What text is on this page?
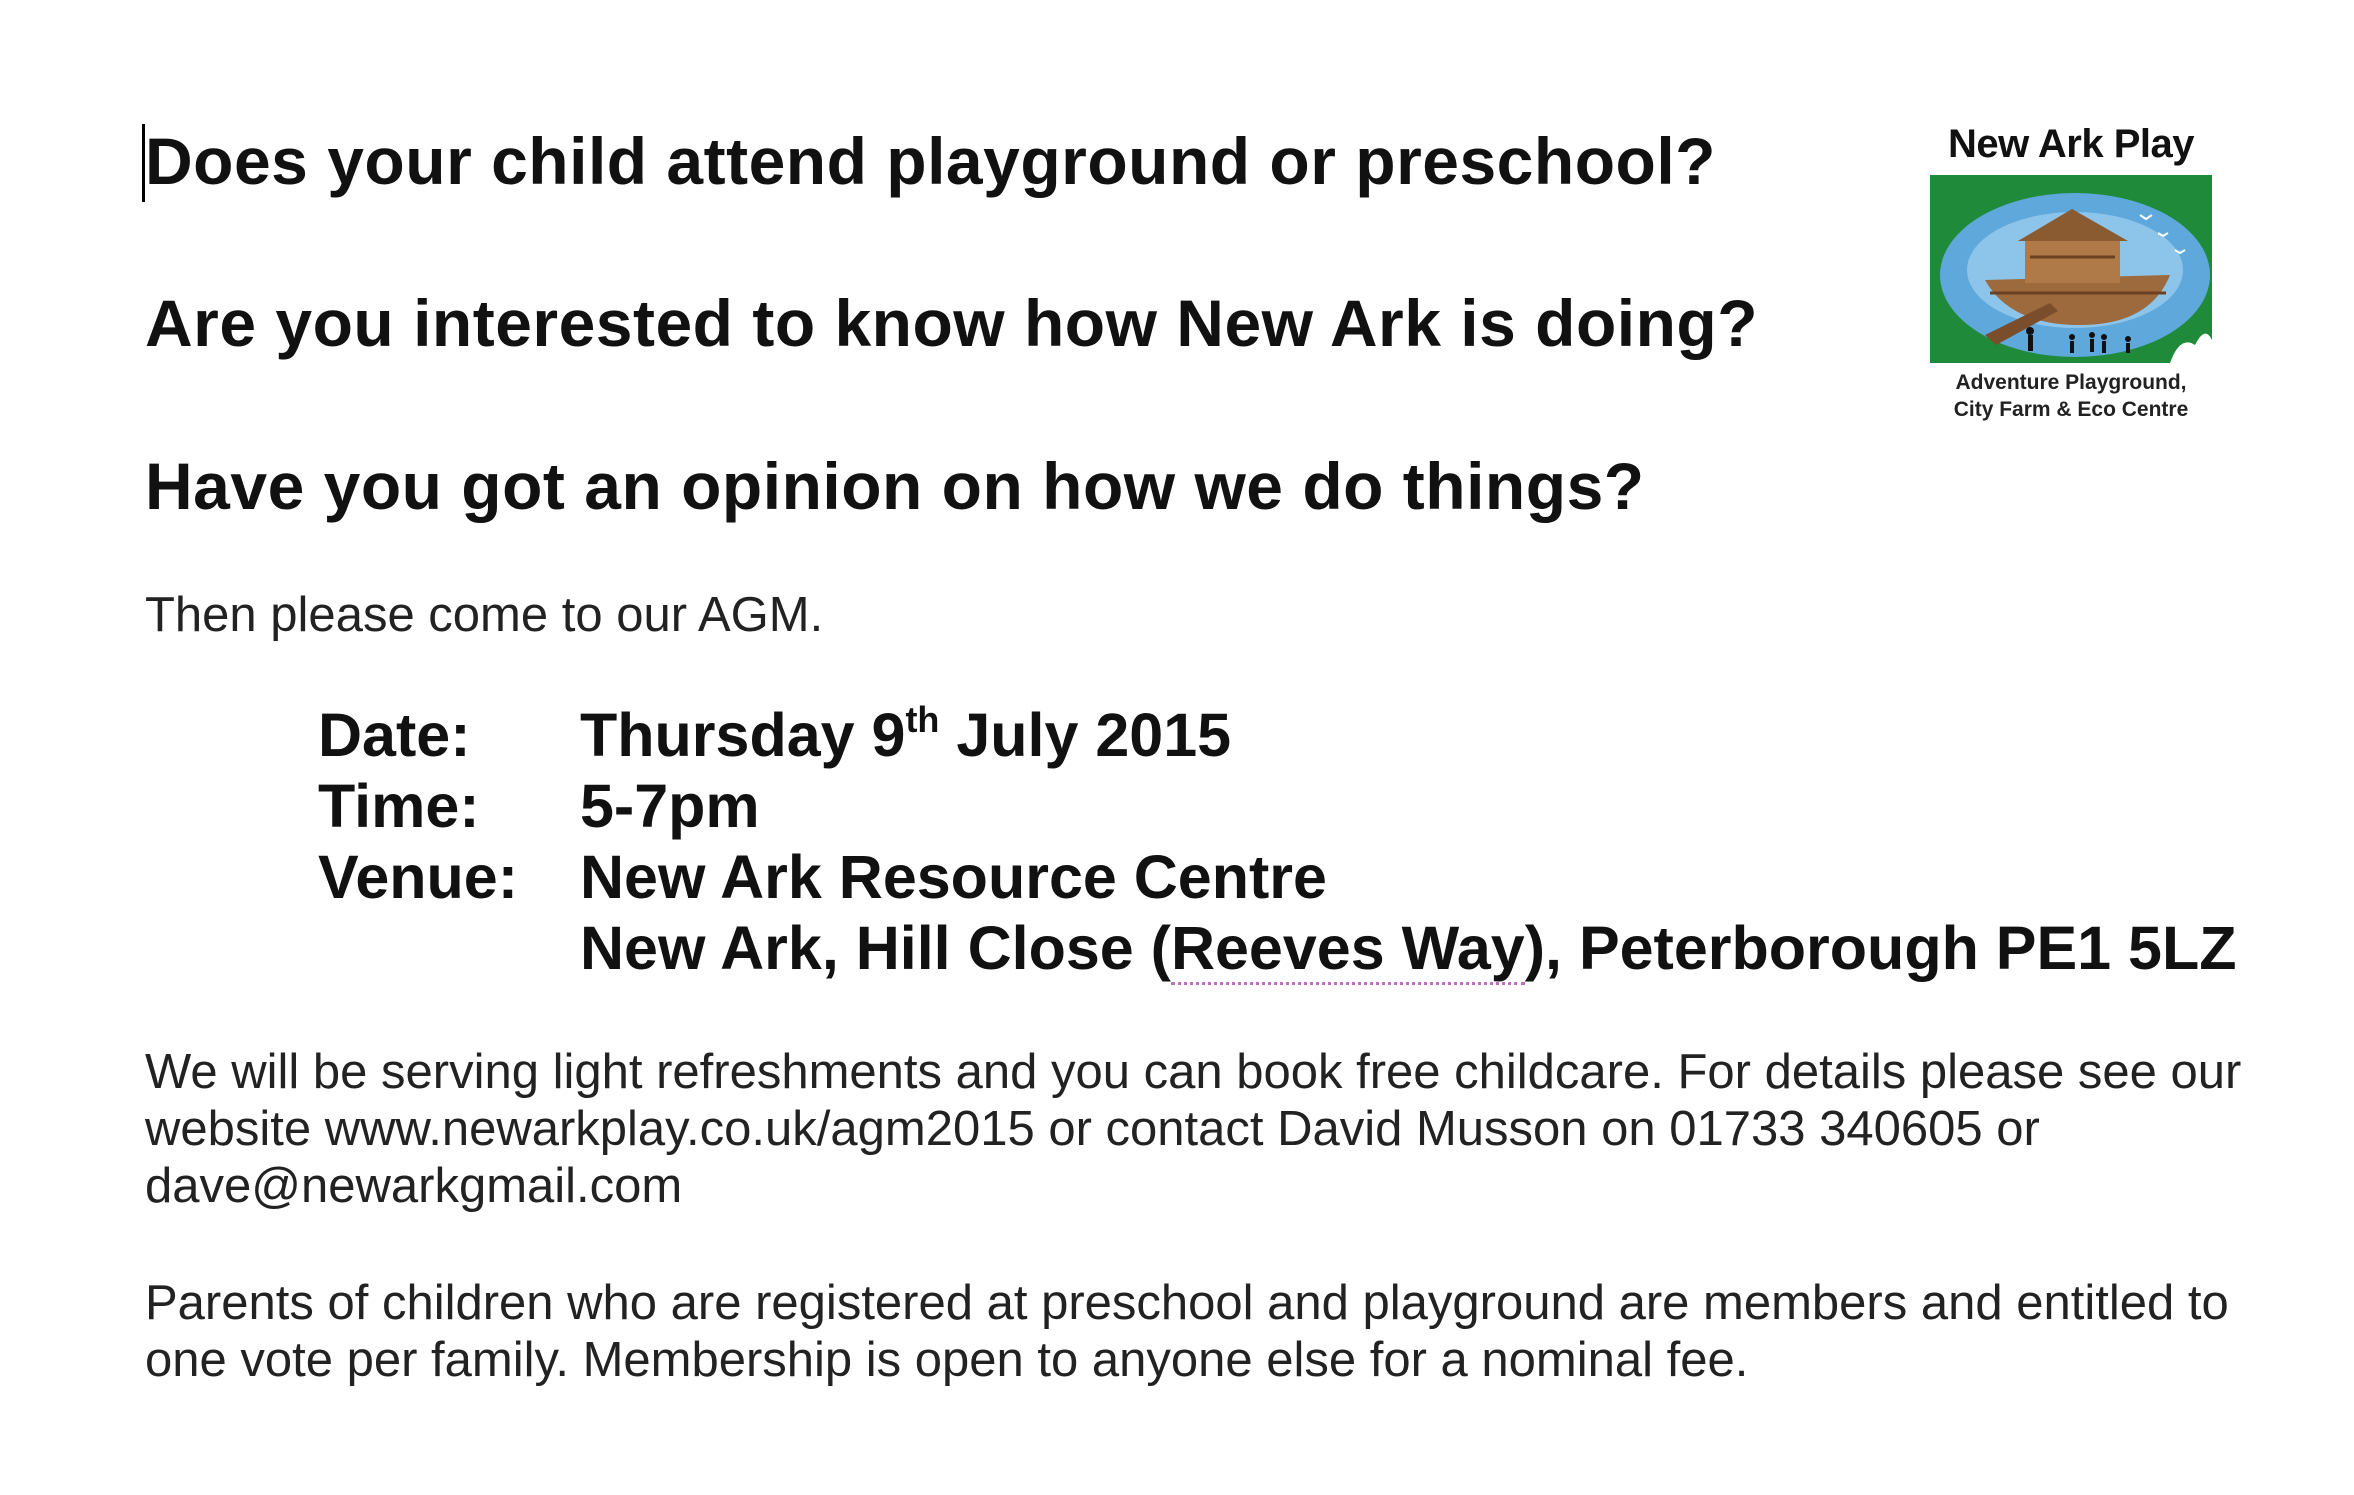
Does your child attend playground or preschool?
Are you interested to know how New Ark is doing?
Have you got an opinion on how we do things?

Then please come to our AGM.

Date:	Thursday 9th July 2015
Time:	5-7pm
Venue:	New Ark Resource Centre
New Ark, Hill Close (Reeves Way), Peterborough PE1 5LZ

We will be serving light refreshments and you can book free childcare. For details please see our website www.newarkplay.co.uk/agm2015 or contact David Musson on 01733 340605 or dave@newarkgmail.com

Parents of children who are registered at preschool and playground are members and entitled to one vote per family. Membership is open to anyone else for a nominal fee.

New Ark Play
Adventure Playground,
City Farm & Eco Centre
